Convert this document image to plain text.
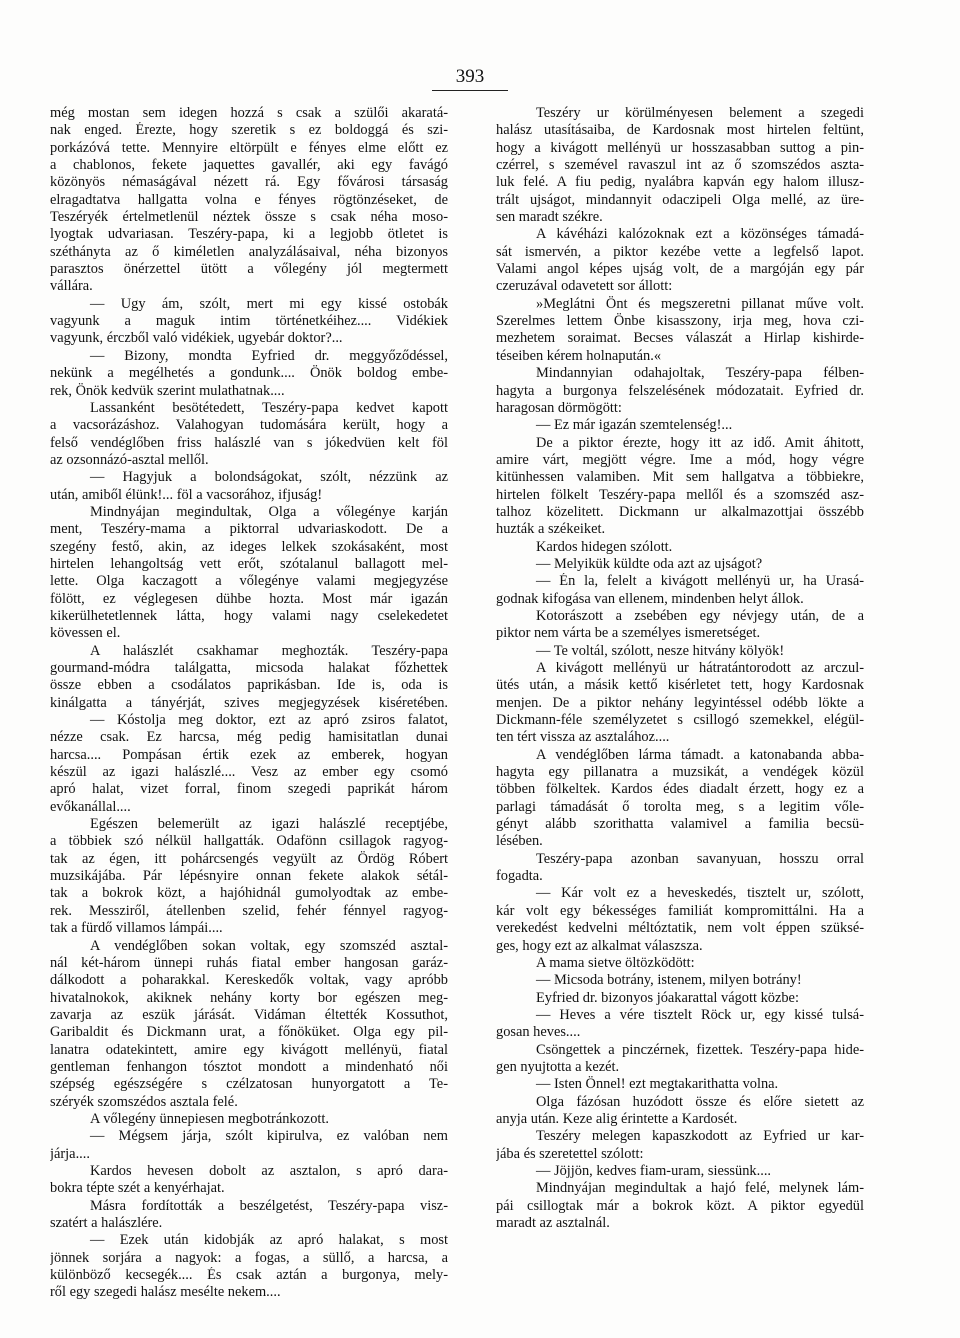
393
még mostan sem idegen hozzá s csak a szülői akaratá-
nak enged. Érezte, hogy szeretik s ez boldoggá és szi-
porkázóvá tette. Mennyire eltörpült e fényes elme előtt ez
a chablonos, fekete jaquettes gavallér, aki egy favágó
közönyös némaságával nézett rá. Egy fővárosi társaság
elragadtatva hallgatta volna e fényes rögtönzéseket, de
Teszéryék értelmetlenül néztek össze s csak néha moso-
lyogtak udvariasan. Teszéry-papa, ki a legjobb ötletet is
széthányta az ő kiméletlen analyzálásaival, néha bizonyos
parasztos önérzettel ütött a vőlegény jól megtermett
vállára.
— Ugy ám, szólt, mert mi egy kissé ostobák
vagyunk a maguk intim történetkéihez.... Vidékiek
vagyunk, érczből való vidékiek, ugyebár doktor?...
— Bizony, mondta Eyfried dr. meggyőződéssel,
nekünk a megélhetés a gondunk.... Önök boldog embe-
rek, Önök kedvük szerint mulathatnak....
Lassanként besötétedett, Teszéry-papa kedvet kapott
a vacsorázáshoz. Valahogyan tudomására került, hogy a
felső vendéglőben friss halászlé van s jókedvüen kelt föl
az ozsonnázó-asztal mellől.
— Hagyjuk a bolondságokat, szólt, nézzünk az
után, amiből élünk!... föl a vacsorához, ifjuság!
Mindnyájan megindultak, Olga a vőlegénye karján
ment, Teszéry-mama a piktorral udvariaskodott. De a
szegény festő, akin, az ideges lelkek szokásaként, most
hirtelen lehangoltság vett erőt, szótalanul ballagott mel-
lette. Olga kaczagott a vőlegénye valami megjegyzése
fölött, ez véglegesen dühbe hozta. Most már igazán
kikerülhetetlennek látta, hogy valami nagy cselekedetet
kövessen el.
A halászlét csakhamar meghozták. Teszéry-papa
gourmand-módra találgatta, micsoda halakat főzhettek
össze ebben a csodálatos paprikásban. Ide is, oda is
kinálgatta a tányérját, szives megjegyzések kiséretében.
— Kóstolja meg doktor, ezt az apró zsiros falatot,
nézze csak. Ez harcsa, még pedig hamisitatlan dunai
harcsa.... Pompásan értik ezek az emberek, hogyan
készül az igazi halászlé.... Vesz az ember egy csomó
apró halat, vizet forral, finom szegedi paprikát három
evőkanállal....
Egészen belemerült az igazi halászlé receptjébe,
a többiek szó nélkül hallgatták. Odafönn csillagok ragyog-
tak az égen, itt pohárcsengés vegyült az Ördög Róbert
muzsikájába. Pár lépésnyire onnan fekete alakok sétál-
tak a bokrok közt, a hajóhidnál gumolyodtak az embe-
rek. Messziről, átellenben szelid, fehér fénnyel ragyog-
tak a fürdő villamos lámpái....
A vendéglőben sokan voltak, egy szomszéd asztal-
nál két-három ünnepi ruhás fiatal ember hangosan garáz-
dálkodott a poharakkal. Kereskedők voltak, vagy apróbb
hivatalnokok, akiknek nehány korty bor egészen meg-
zavarja az eszük járását. Vidáman éltették Kossuthot,
Garibaldit és Dickmann urat, a főnöküket. Olga egy pil-
lanatra odatekintett, amire egy kivágott mellényü, fiatal
gentleman fenhangon tósztot mondott a mindenható női
szépség egészségére s czélzatosan hunyorgatott a Te-
széryék szomszédos asztala felé.
A vőlegény ünnepiesen megbotránkozott.
— Mégsem járja, szólt kipirulva, ez valóban nem
járja....
Kardos hevesen dobolt az asztalon, s apró dara-
bokra tépte szét a kenyérhajat.
Másra fordították a beszélgetést, Teszéry-papa visz-
szatért a halászlére.
— Ezek után kidobják az apró halakat, s most
jönnek sorjára a nagyok: a fogas, a süllő, a harcsa, a
különböző kecsegék.... És csak aztán a burgonya, mely-
ről egy szegedi halász mesélte nekem....
Teszéry ur körülményesen belement a szegedi
halász utasításaiba, de Kardosnak most hirtelen feltünt,
hogy a kivágott mellényü ur hosszasabban suttog a pin-
czérrel, s szemével ravaszul int az ő szomszédos aszta-
luk felé. A fiu pedig, nyalábra kapván egy halom illusz-
trált ujságot, mindannyit odaczipeli Olga mellé, az üre-
sen maradt székre.
A kávéházi kalózoknak ezt a közönséges támadá-
sát ismervén, a piktor kezébe vette a legfelső lapot.
Valami angol képes ujság volt, de a margóján egy pár
czeruzával odavetett sor állott:
»Meglátni Önt és megszeretni pillanat műve volt.
Szerelmes lettem Önbe kisasszony, irja meg, hova czi-
mezhetem soraimat. Becses válaszát a Hirlap kishirde-
téseiben kérem holnapután.«
Mindannyian odahajoltak, Teszéry-papa félben-
hagyta a burgonya felszelésének módozatait. Eyfried dr.
haragosan dörmögött:
— Ez már igazán szemtelenség!...
De a piktor érezte, hogy itt az idő. Amit áhitott,
amire várt, megjött végre. Ime a mód, hogy végre
kitünhessen valamiben. Mit sem hallgatva a többiekre,
hirtelen fölkelt Teszéry-papa mellől és a szomszéd asz-
talhoz közelitett. Dickmann ur alkalmazottjai összébb
huzták a székeiket.
Kardos hidegen szólott.
— Melyikük küldte oda azt az ujságot?
— Én la, felelt a kivágott mellényü ur, ha Urasá-
godnak kifogása van ellenem, mindenben helyt állok.
Kotorászott a zsebében egy névjegy után, de a
piktor nem várta be a személyes ismeretséget.
— Te voltál, szólott, nesze hitvány kölyök!
A kivágott mellényü ur hátratántorodott az arczul-
ütés után, a másik kettő kisérletet tett, hogy Kardosnak
menjen. De a piktor nehány legyintéssel odébb lökte a
Dickmann-féle személyzetet s csillogó szemekkel, elégül-
ten tért vissza az asztalához....
A vendéglőben lárma támadt. a katonabanda abba-
hagyta egy pillanatra a muzsikát, a vendégek közül
többen fölkeltek. Kardos édes diadalt érzett, hogy ez a
parlagi támadását ő torolta meg, s a legitim vőle-
gényt alább szorithatta valamivel a familia becsü-
lésében.
Teszéry-papa azonban savanyuan, hosszu orral
fogadta.
— Kár volt ez a heveskedés, tisztelt ur, szólott,
kár volt egy békességes familiát kompromittálni. Ha a
verekedést kedvelni méltóztatik, nem volt éppen szüksé-
ges, hogy ezt az alkalmat válaszsza.
A mama sietve öltözködött:
— Micsoda botrány, istenem, milyen botrány!
Eyfried dr. bizonyos jóakarattal vágott közbe:
— Heves a vére tisztelt Röck ur, egy kissé tulsá-
gosan heves....
Csöngettek a pinczérnek, fizettek. Teszéry-papa hide-
gen nyujtotta a kezét.
— Isten Önnel! ezt megtakarithatta volna.
Olga fázósan huzódott össze és előre sietett az
anyja után. Keze alig érintette a Kardosét.
Teszéry melegen kapaszkodott az Eyfried ur kar-
jába és szeretettel szólott:
— Jöjjön, kedves fiam-uram, siessünk....
Mindnyájan megindultak a hajó felé, melynek lám-
pái csillogtak már a bokrok közt. A piktor egyedül
maradt az asztalnál.
